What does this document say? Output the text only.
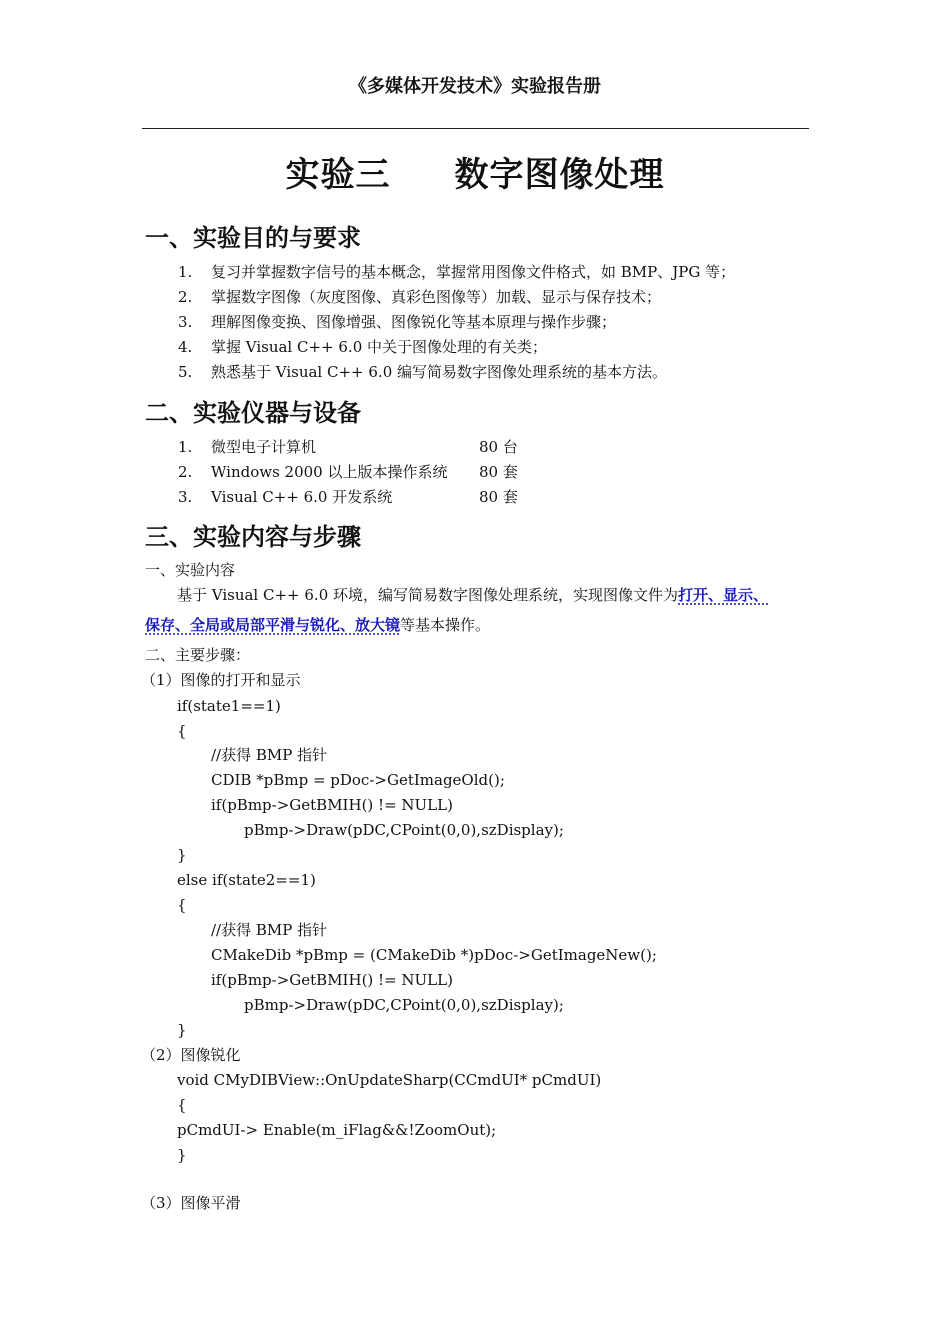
《多媒体开发技术》实验报告册
实验三 数字图像处理
一、实验目的与要求
1. 复习并掌握数字信号的基本概念，掌握常用图像文件格式，如 BMP、JPG 等；
2. 掌握数字图像（灰度图像、真彩色图像等）加载、显示与保存技术；
3. 理解图像变换、图像增强、图像锐化等基本原理与操作步骤；
4. 掌握 Visual C++ 6.0 中关于图像处理的有关类；
5. 熟悉基于 Visual C++ 6.0 编写简易数字图像处理系统的基本方法。
二、实验仪器与设备
1. 微型电子计算机	80 台
2. Windows 2000 以上版本操作系统 80 套
3. Visual C++ 6.0 开发系统	80 套
三、实验内容与步骤
一、实验内容
基于 Visual C++ 6.0 环境，编写简易数字图像处理系统，实现图像文件为打开、显示、
保存、全局或局部平滑与锐化、放大镜等基本操作。
二、主要步骤：
（1）图像的打开和显示
if(state1==1)
{
//获得 BMP 指针
CDIB *pBmp = pDoc->GetImageOld();
if(pBmp->GetBMIH() != NULL)
pBmp->Draw(pDC,CPoint(0,0),szDisplay);
}
else if(state2==1)
{
//获得 BMP 指针
CMakeDib *pBmp = (CMakeDib *)pDoc->GetImageNew();
if(pBmp->GetBMIH() != NULL)
pBmp->Draw(pDC,CPoint(0,0),szDisplay);
}
（2）图像锐化
void CMyDIBView::OnUpdateSharp(CCmdUI* pCmdUI)
{
pCmdUI-> Enable(m_iFlag&&!ZoomOut);
}
（3）图像平滑
